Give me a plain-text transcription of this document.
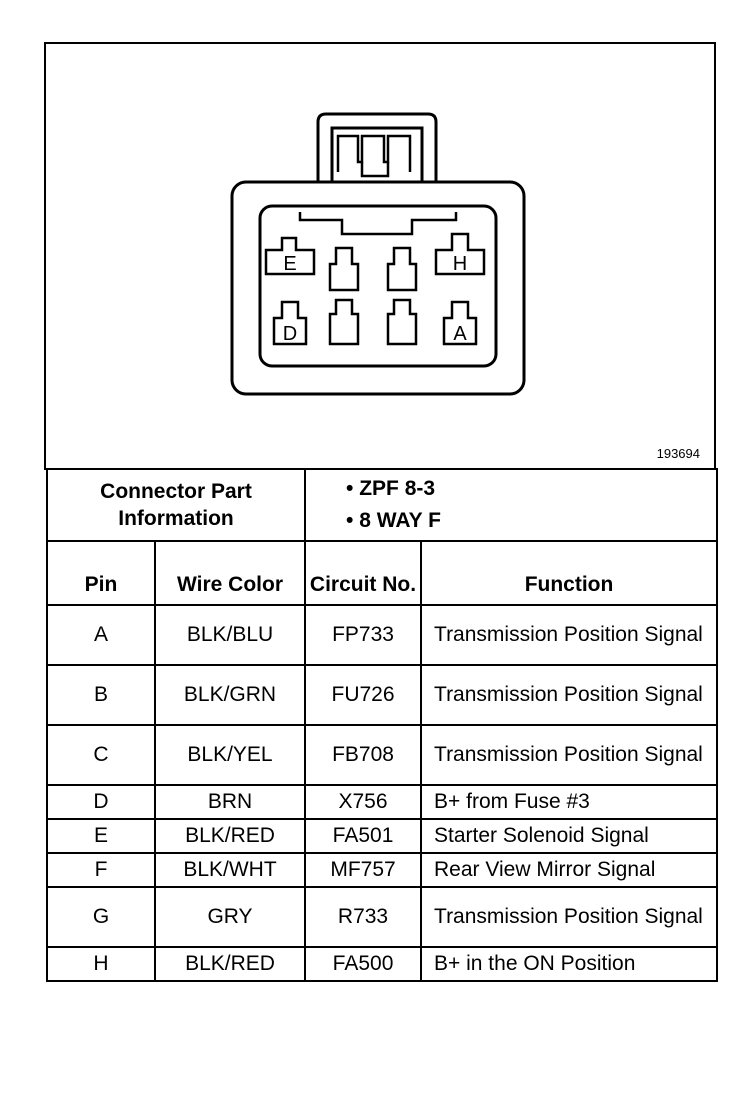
E	H
D	A
193694
Connector Part Information		• ZPF 8-3
• 8 WAY F	

Pin	Wire Color	Circuit No.	Function
A	BLK/BLU	FP733	Transmission Position Signal
B	BLK/GRN	FU726	Transmission Position Signal
C	BLK/YEL	FB708	Transmission Position Signal
D	BRN	X756	B+ from Fuse #3
E	BLK/RED	FA501	Starter Solenoid Signal
F	BLK/WHT	MF757	Rear View Mirror Signal
G	GRY	R733	Transmission Position Signal
H	BLK/RED	FA500	B+ in the ON Position
